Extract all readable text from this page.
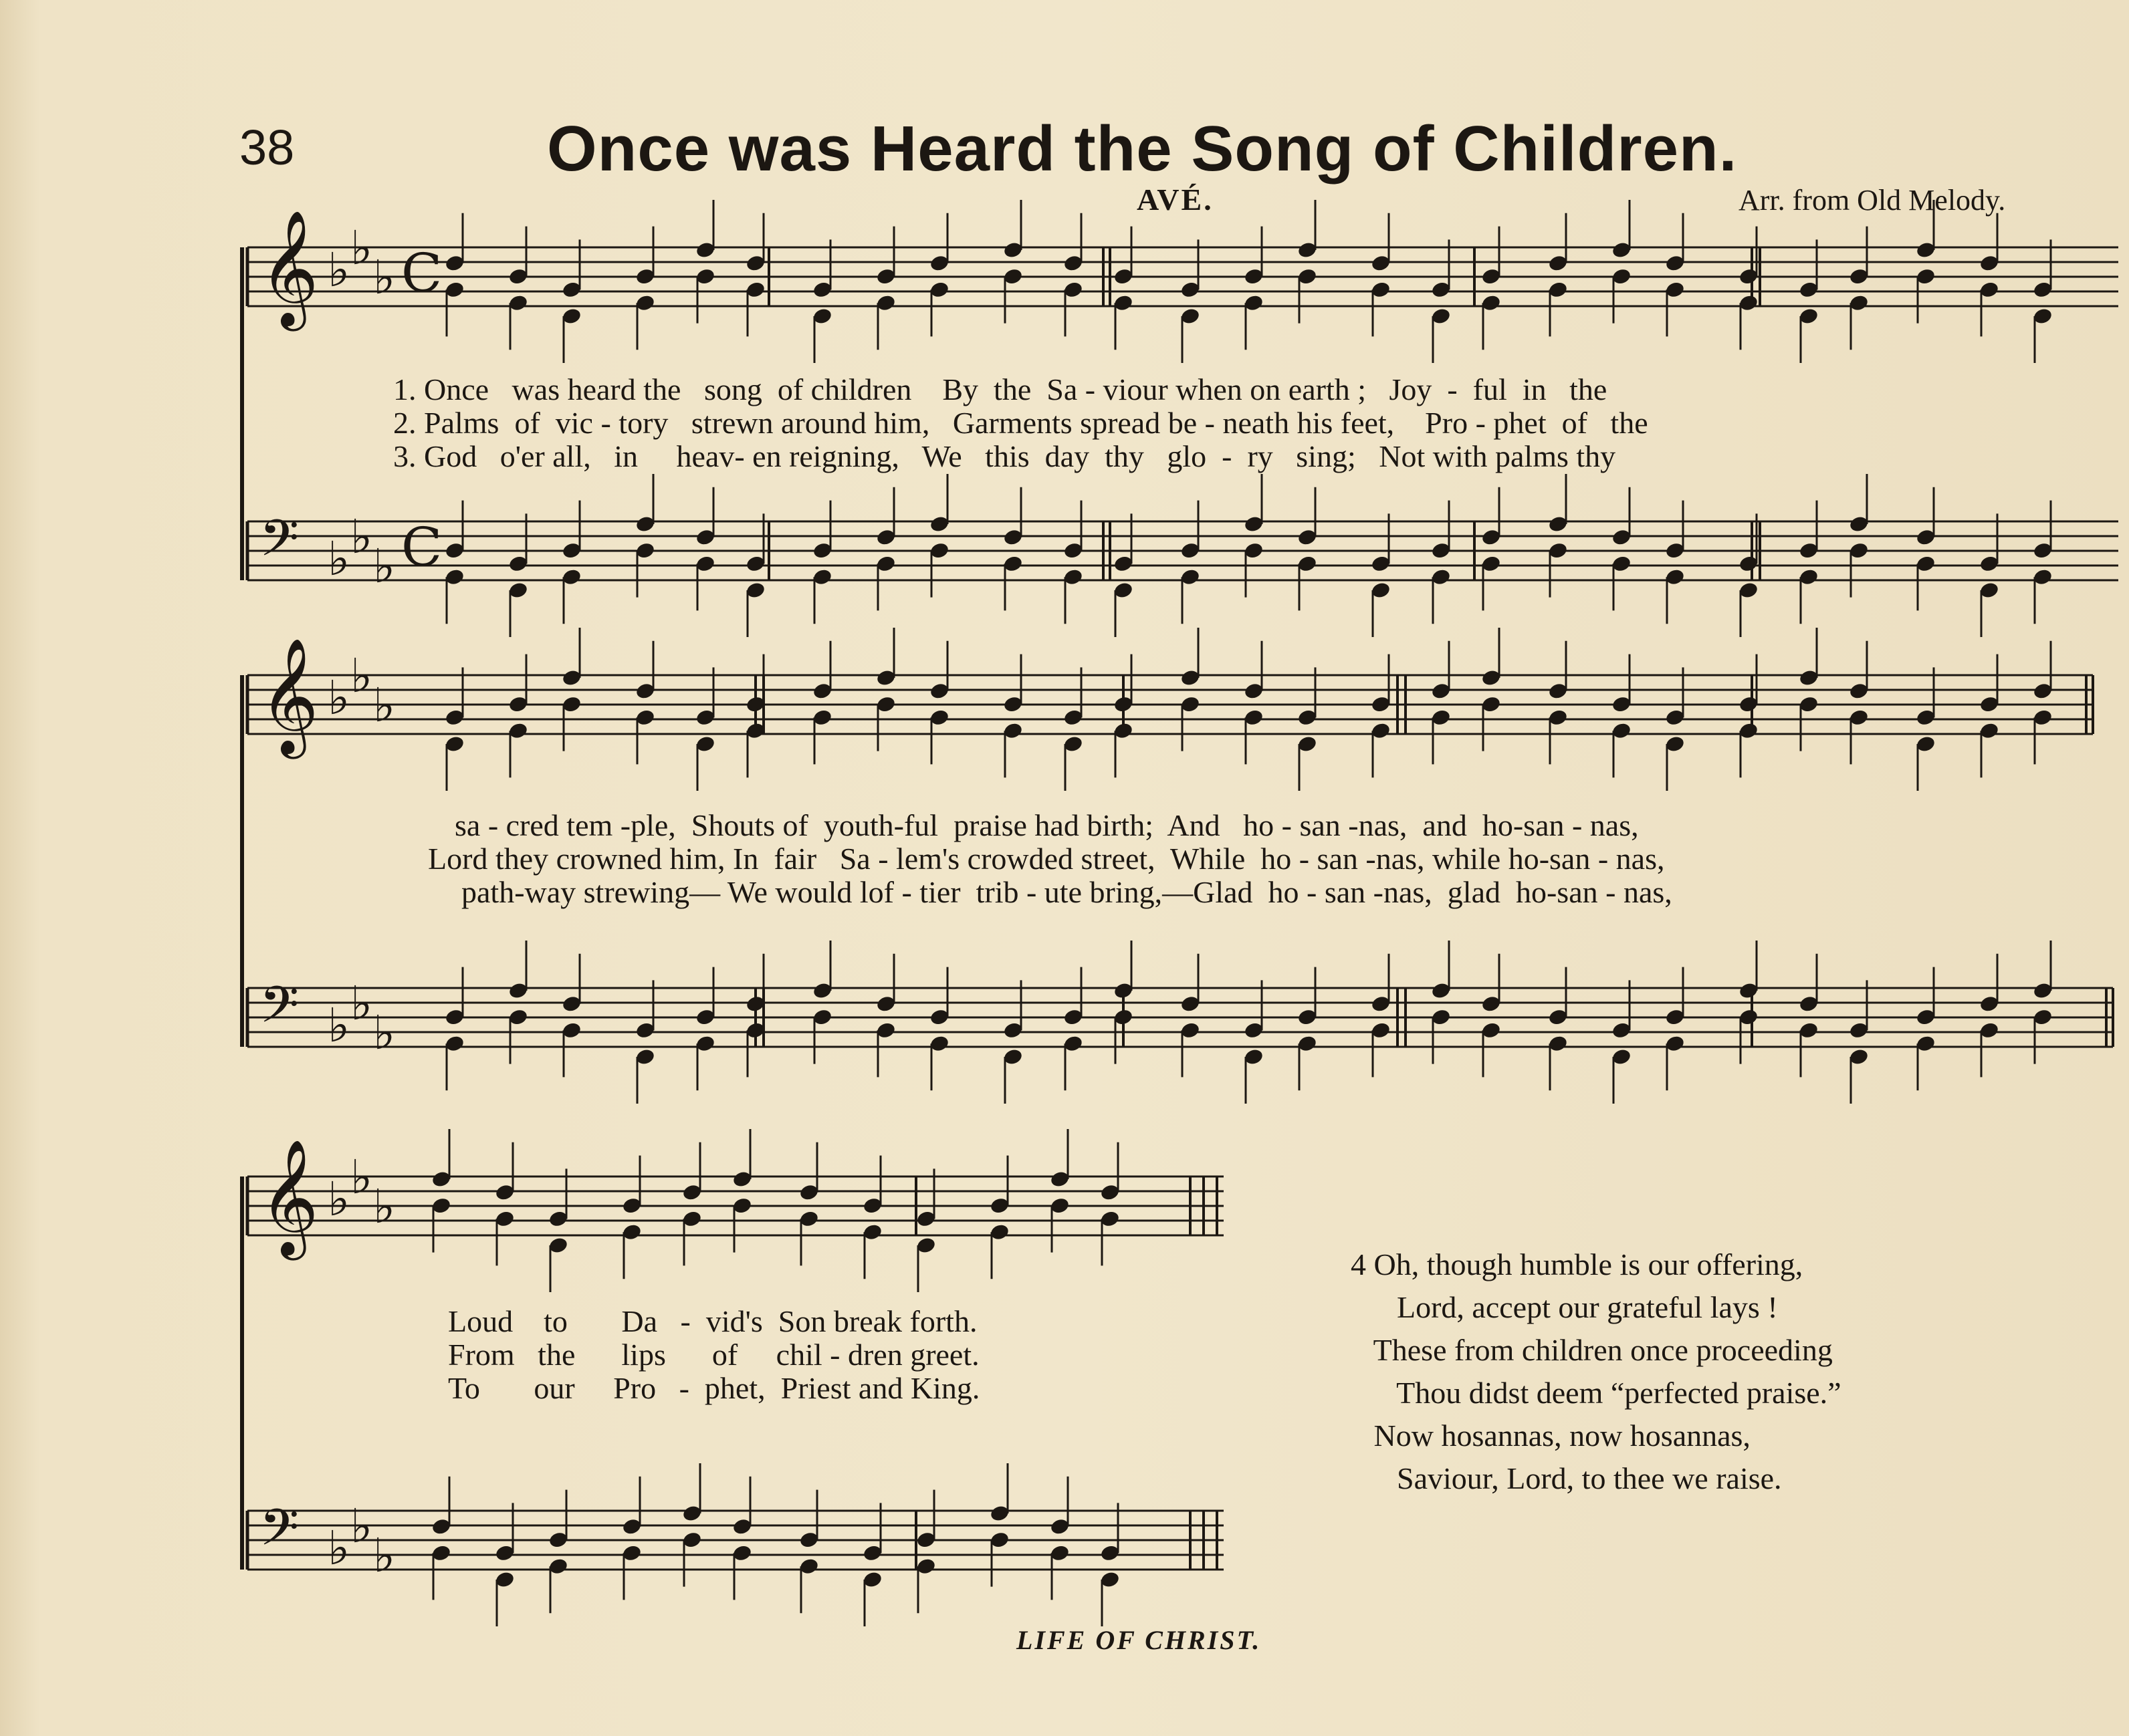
38	Once was Heard the Song of Children.
AVÉ.	Arr. from Old Melody.
𝄞 ♭ ♭
♭ C
𝄢 ♭ ♭
♭ C
𝄞 ♭ ♭
♭
𝄢 ♭ ♭
♭
𝄞 ♭ ♭
♭
𝄢 ♭ ♭
♭
1. Once   was heard the   song  of children    By  the  Sa - viour when on earth ;   Joy  -  ful  in   the
2. Palms  of  vic - tory   strewn around him,   Garments spread be - neath his feet,    Pro - phet  of   the
3. God   o'er all,   in     heav- en reigning,   We   this  day  thy   glo  -  ry   sing;   Not with palms thy
sa - cred tem -ple,  Shouts of  youth-ful  praise had birth;  And   ho - san -nas,  and  ho-san - nas,
Lord they crowned him, In  fair   Sa - lem's crowded street,  While  ho - san -nas, while ho-san - nas,
path-way strewing— We would lof - tier  trib - ute bring,—Glad  ho - san -nas,  glad  ho-san - nas,
Loud    to       Da   -  vid's  Son break forth.
From   the      lips      of     chil - dren greet.
To       our     Pro   -  phet,  Priest and King.
4 Oh, though humble is our offering,
Lord, accept our grateful lays !
These from children once proceeding
Thou didst deem “perfected praise.”
Now hosannas, now hosannas,
Saviour, Lord, to thee we raise.
LIFE OF CHRIST.
